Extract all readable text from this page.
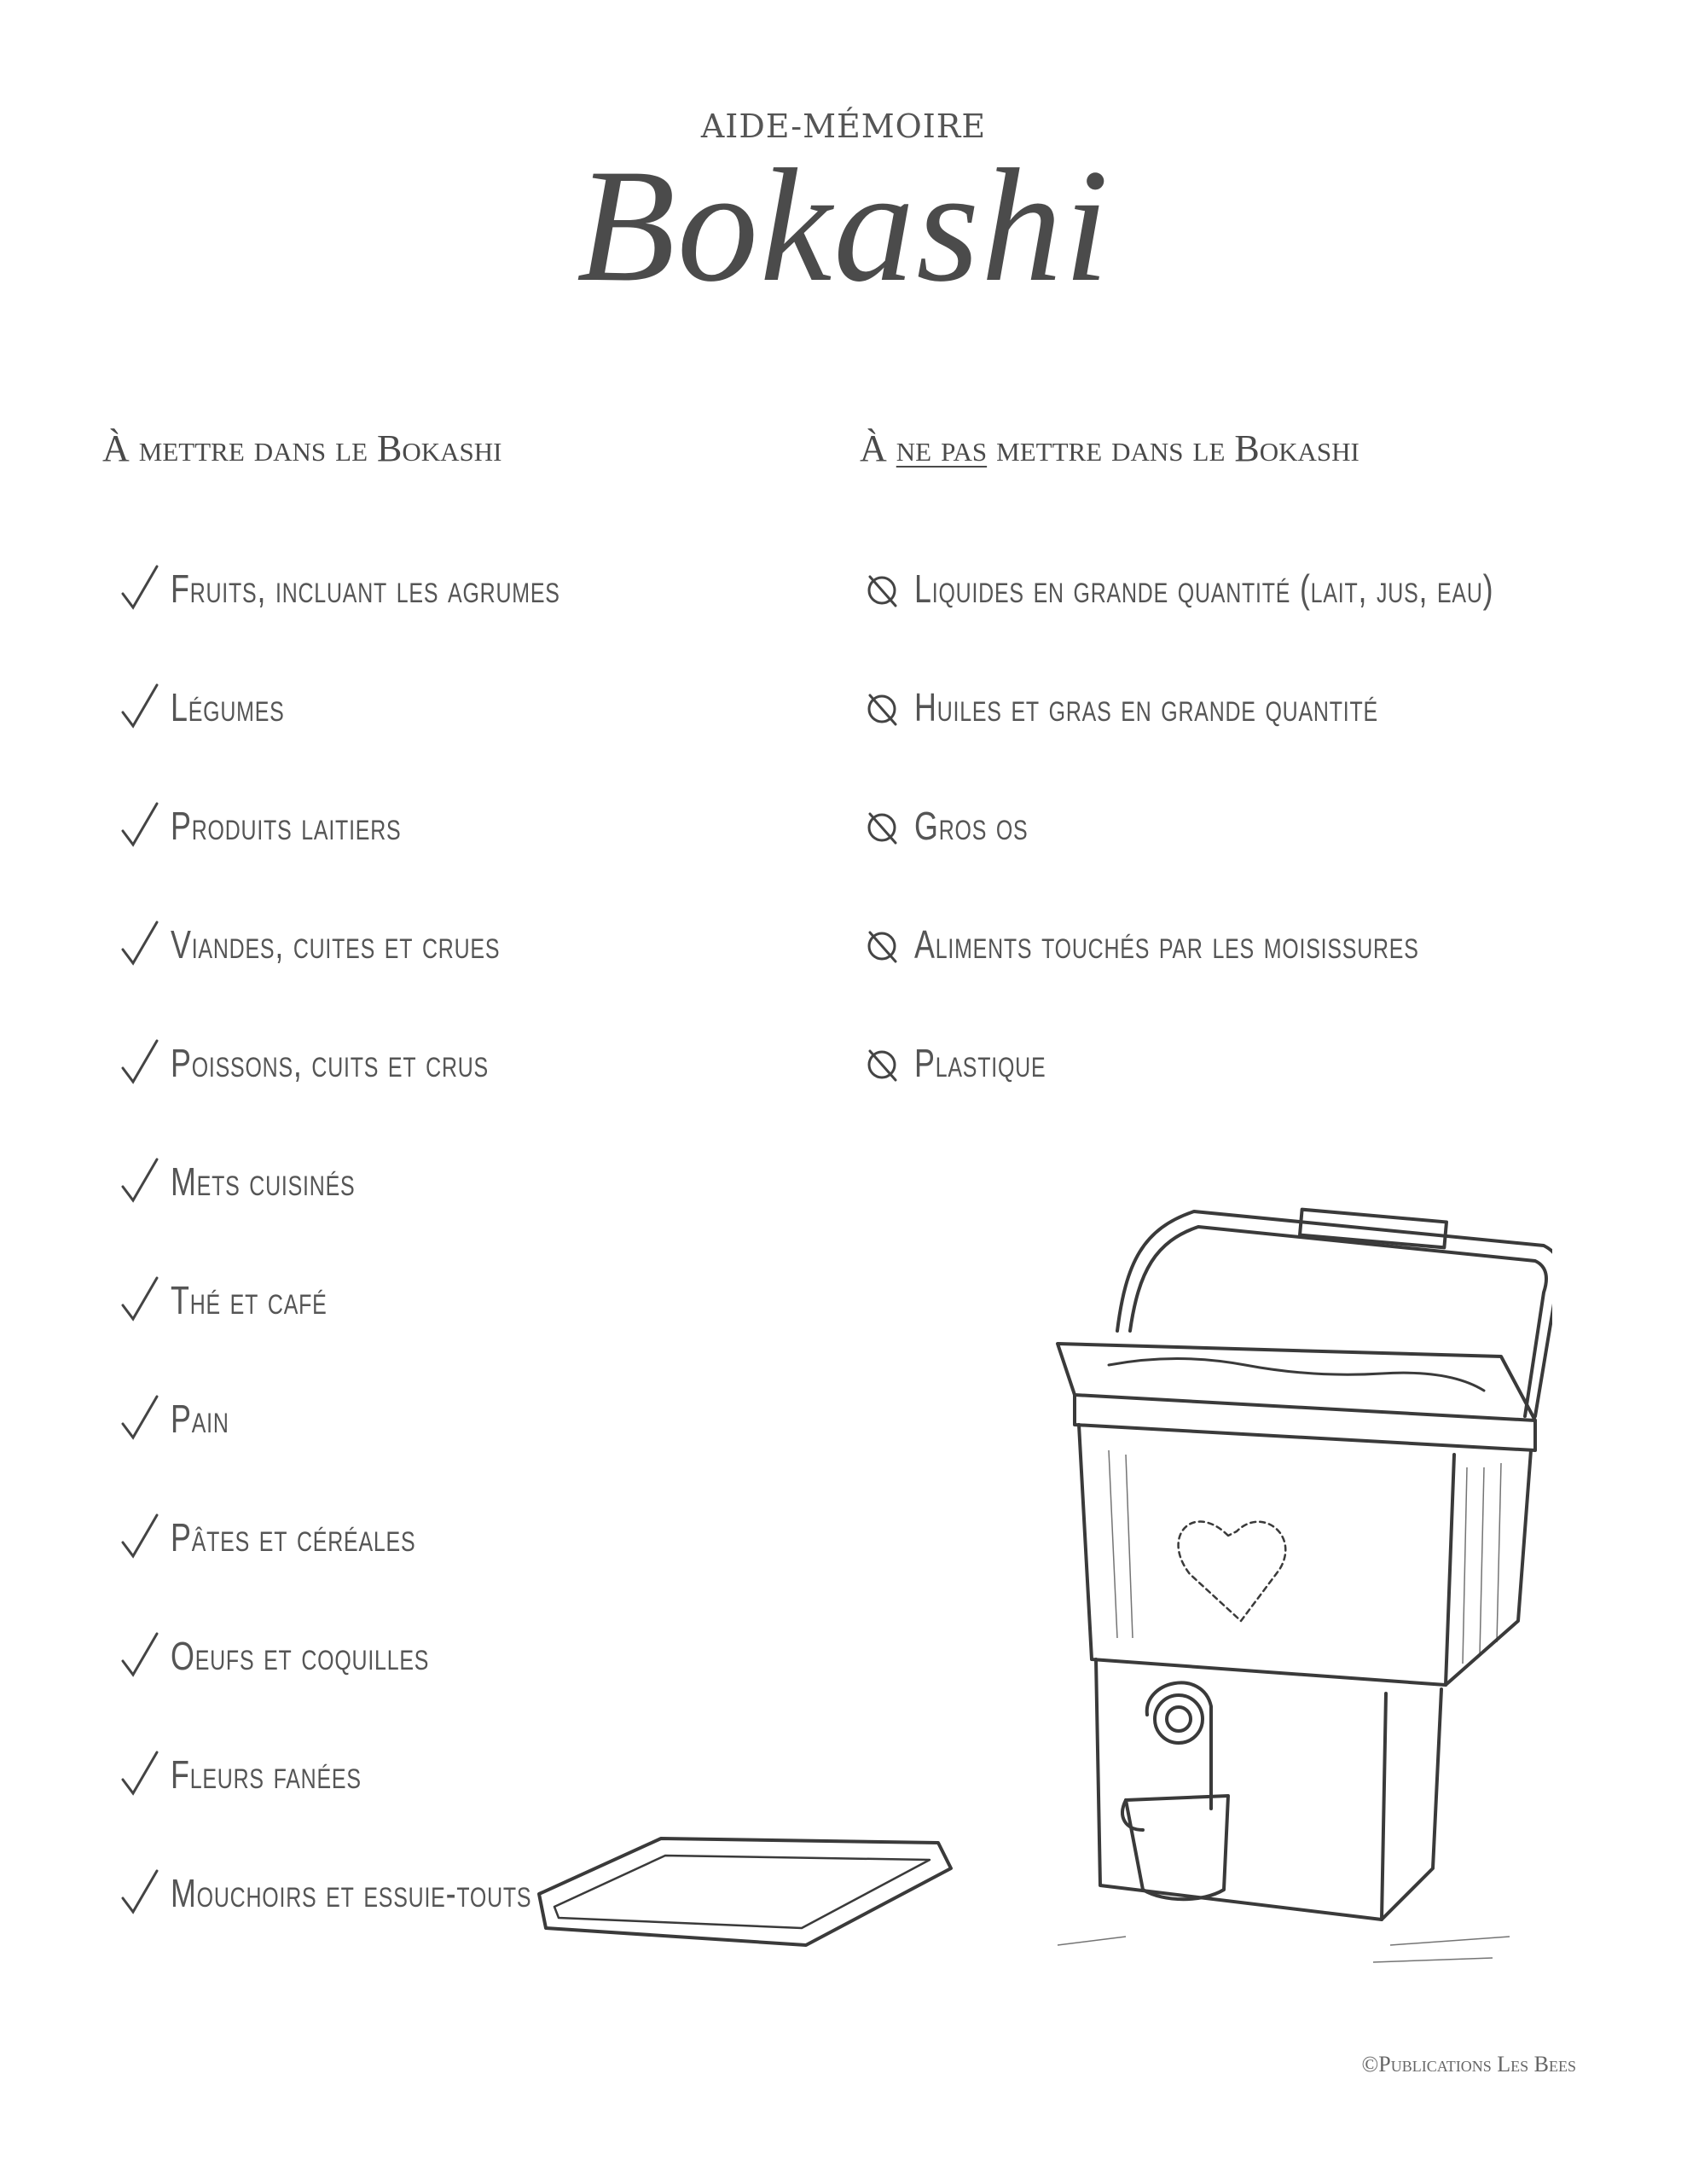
AIDE-MÉMOIRE
Bokashi
À mettre dans le Bokashi	À ne pas mettre dans le Bokashi
Fruits, incluant les agrumes
Légumes
Produits laitiers
Viandes, cuites et crues
Poissons, cuits et crus
Mets cuisinés
Thé et café
Pain
Pâtes et céréales
Oeufs et coquilles
Fleurs fanées
Mouchoirs et essuie-touts
Liquides en grande quantité (lait, jus, eau)
Huiles et gras en grande quantité
Gros os
Aliments touchés par les moisissures
Plastique
©Publications Les Bees
